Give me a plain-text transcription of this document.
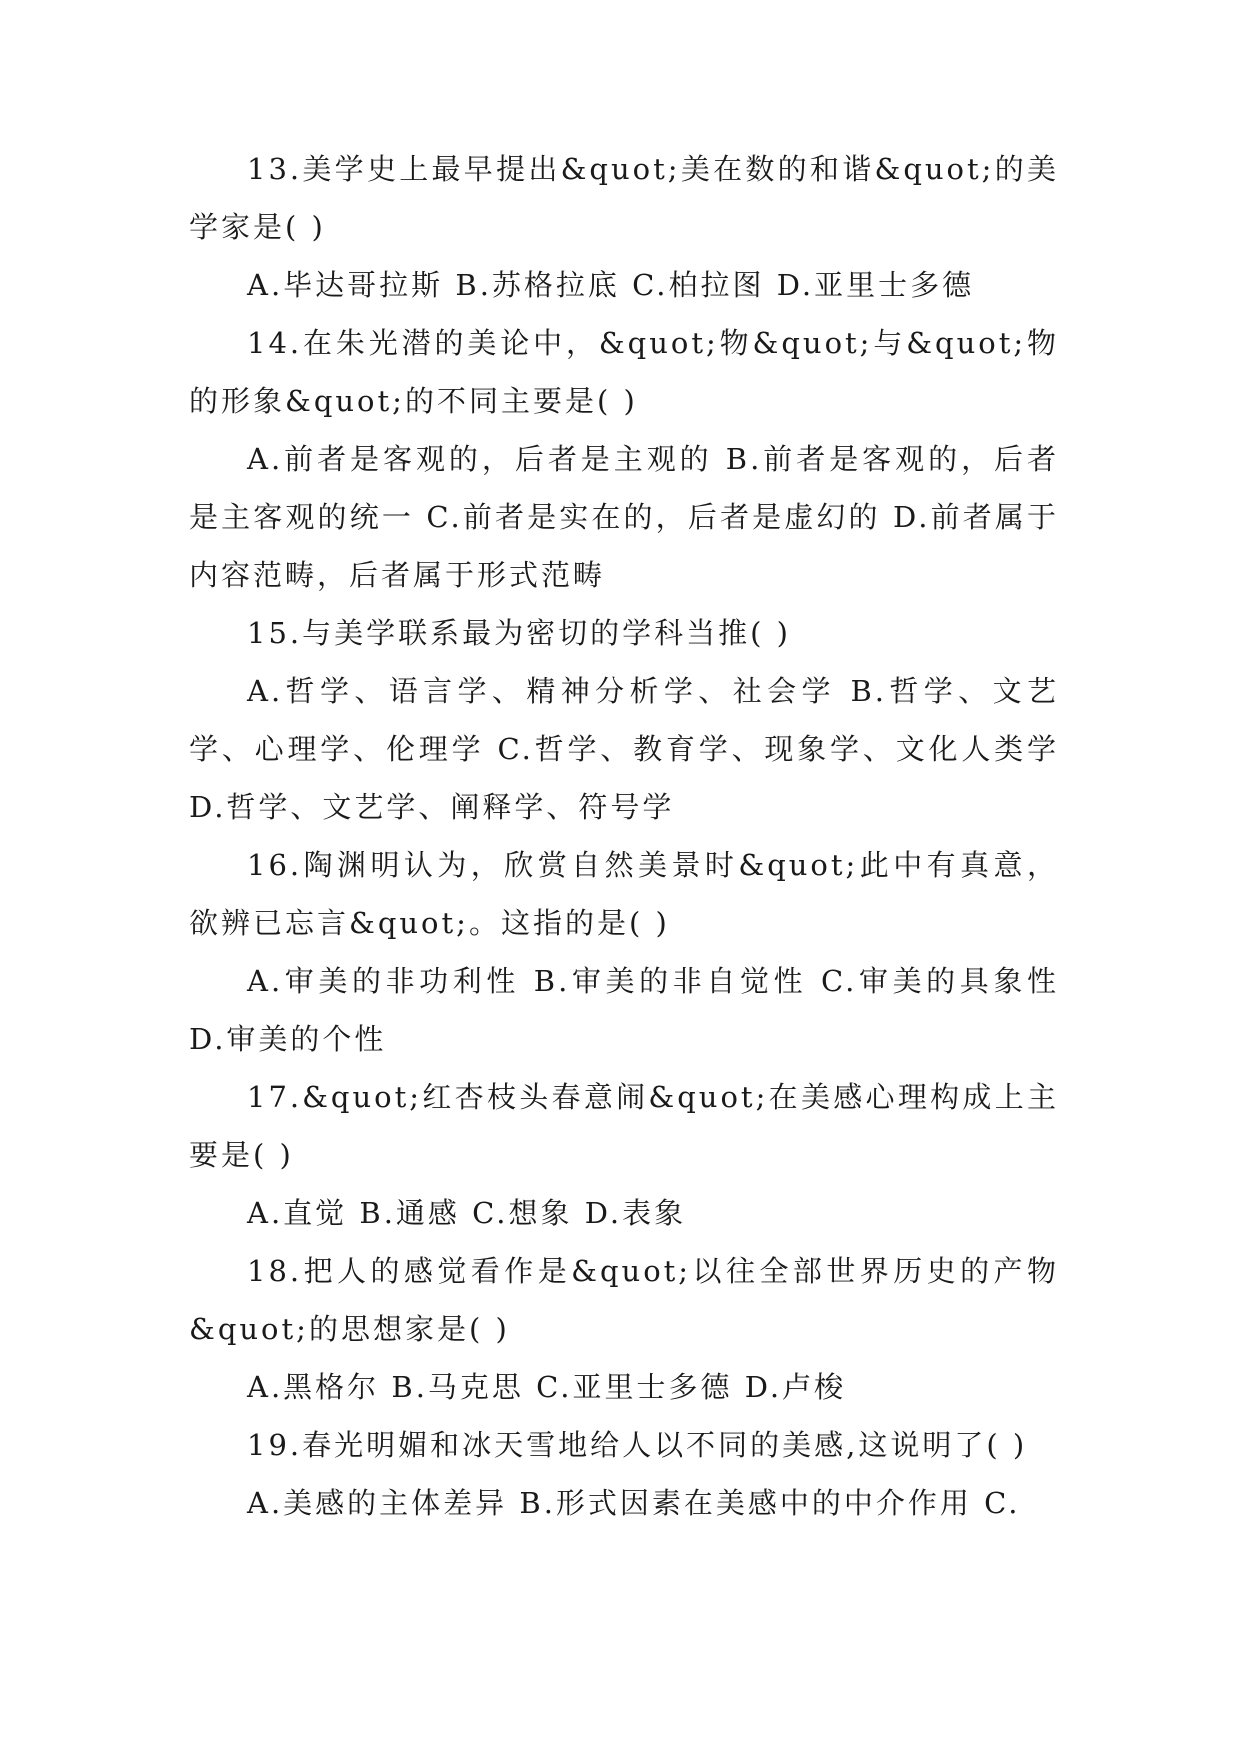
13.美学史上最早提出&quot;美在数的和谐&quot;的美学家是( )

A.毕达哥拉斯 B.苏格拉底 C.柏拉图 D.亚里士多德

14.在朱光潜的美论中，&quot;物&quot;与&quot;物的形象&quot;的不同主要是( )

A.前者是客观的，后者是主观的 B.前者是客观的，后者是主客观的统一 C.前者是实在的，后者是虚幻的 D.前者属于内容范畴，后者属于形式范畴

15.与美学联系最为密切的学科当推( )

A.哲学、语言学、精神分析学、社会学 B.哲学、文艺学、心理学、伦理学 C.哲学、教育学、现象学、文化人类学 D.哲学、文艺学、阐释学、符号学

16.陶渊明认为，欣赏自然美景时&quot;此中有真意，欲辨已忘言&quot;。这指的是( )

A.审美的非功利性 B.审美的非自觉性 C.审美的具象性 D.审美的个性

17.&quot;红杏枝头春意闹&quot;在美感心理构成上主要是( )

A.直觉 B.通感 C.想象 D.表象

18.把人的感觉看作是&quot;以往全部世界历史的产物&quot;的思想家是( )

A.黑格尔 B.马克思 C.亚里士多德 D.卢梭

19.春光明媚和冰天雪地给人以不同的美感,这说明了( )

A.美感的主体差异 B.形式因素在美感中的中介作用 C.
